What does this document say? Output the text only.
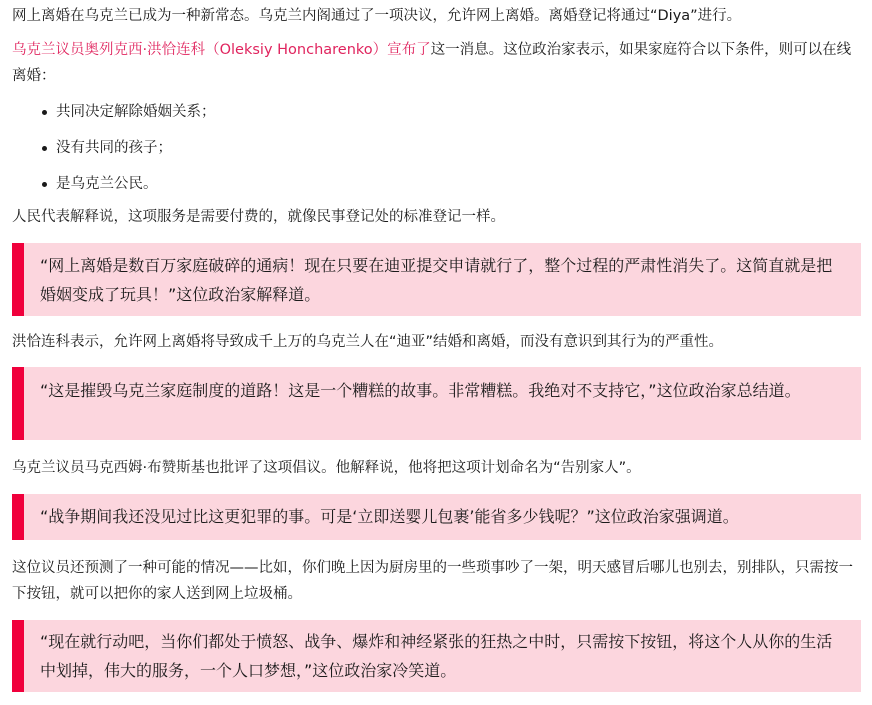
网上离婚在乌克兰已成为一种新常态。乌克兰内阁通过了一项决议，允许网上离婚。离婚登记将通过“Diya”进行。

乌克兰议员奥列克西·洪恰连科（Oleksiy Honcharenko）宣布了这一消息。这位政治家表示，如果家庭符合以下条件，则可以在线离婚：

共同决定解除婚姻关系；
没有共同的孩子；
是乌克兰公民。

人民代表解释说，这项服务是需要付费的，就像民事登记处的标准登记一样。

“网上离婚是数百万家庭破碎的通病！现在只要在迪亚提交申请就行了，整个过程的严肃性消失了。这简直就是把婚姻变成了玩具！”这位政治家解释道。

洪恰连科表示，允许网上离婚将导致成千上万的乌克兰人在“迪亚”结婚和离婚，而没有意识到其行为的严重性。

“这是摧毁乌克兰家庭制度的道路！这是一个糟糕的故事。非常糟糕。我绝对不支持它，”这位政治家总结道。

乌克兰议员马克西姆·布赞斯基也批评了这项倡议。他解释说，他将把这项计划命名为“告别家人”。

“战争期间我还没见过比这更犯罪的事。可是‘立即送婴儿包裹’能省多少钱呢？”这位政治家强调道。

这位议员还预测了一种可能的情况——比如，你们晚上因为厨房里的一些琐事吵了一架，明天感冒后哪儿也别去，别排队，只需按一下按钮，就可以把你的家人送到网上垃圾桶。

“现在就行动吧，当你们都处于愤怒、战争、爆炸和神经紧张的狂热之中时，只需按下按钮，将这个人从你的生活中划掉，伟大的服务，一个人口梦想，”这位政治家冷笑道。
